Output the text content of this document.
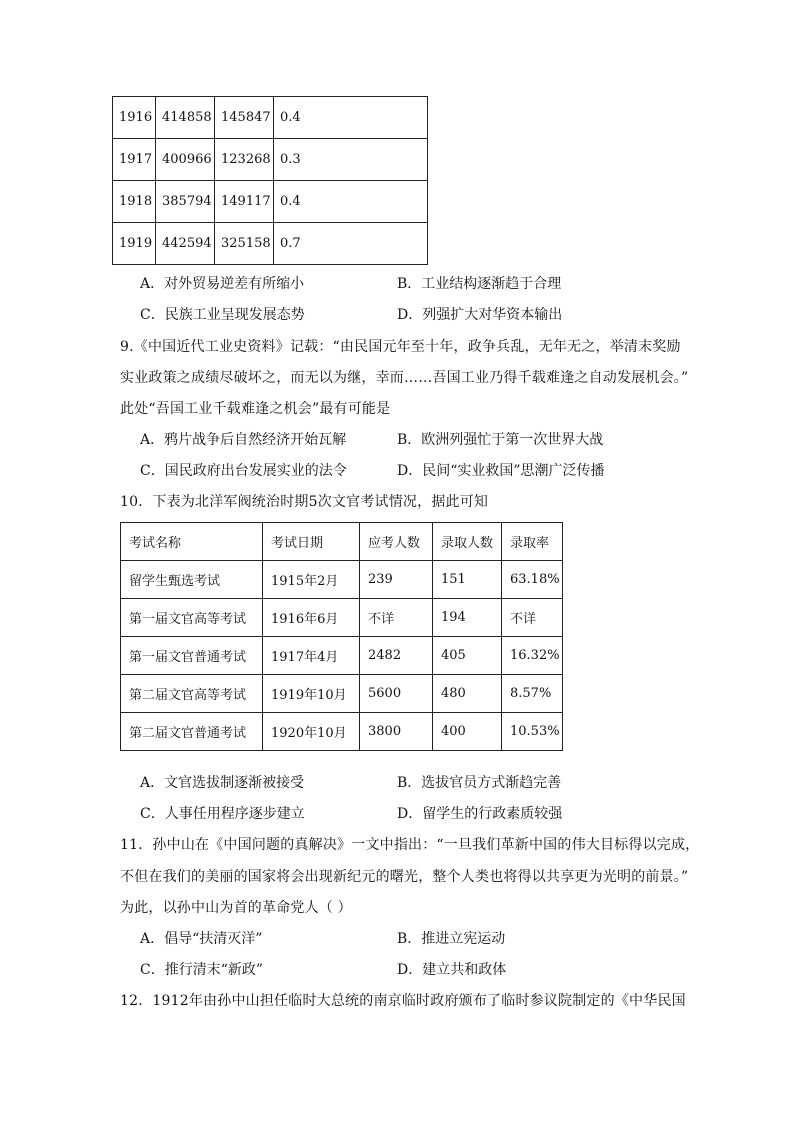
1916	414858	145847	0.4
1917	400966	123268	0.3
1918	385794	149117	0.4
1919	442594	325158	0.7
A．对外贸易逆差有所缩小	B．工业结构逐渐趋于合理
C．民族工业呈现发展态势	D．列强扩大对华资本输出
9.《中国近代工业史资料》记载：“由民国元年至十年，政争兵乱，无年无之，举清末奖励
实业政策之成绩尽破坏之，而无以为继，幸而……吾国工业乃得千载难逢之自动发展机会。”
此处“吾国工业千载难逢之机会”最有可能是
A．鸦片战争后自然经济开始瓦解	B．欧洲列强忙于第一次世界大战
C．国民政府出台发展实业的法令	D．民间“实业救国”思潮广泛传播
10．下表为北洋军阀统治时期5次文官考试情况，据此可知
考试名称	考试日期	应考人数	录取人数	录取率
留学生甄选考试	1915年2月	239	151	63.18%
第一届文官高等考试	1916年6月	不详	194	不详
第一届文官普通考试	1917年4月	2482	405	16.32%
第二届文官高等考试	1919年10月	5600	480	8.57%
第二届文官普通考试	1920年10月	3800	400	10.53%
A．文官选拔制逐渐被接受	B．选拔官员方式渐趋完善
C．人事任用程序逐步建立	D．留学生的行政素质较强
11．孙中山在《中国问题的真解决》一文中指出：“一旦我们革新中国的伟大目标得以完成，
不但在我们的美丽的国家将会出现新纪元的曙光，整个人类也将得以共享更为光明的前景。”
为此，以孙中山为首的革命党人（ ）
A．倡导“扶清灭洋”	B．推进立宪运动
C．推行清末“新政”	D．建立共和政体
12．1912年由孙中山担任临时大总统的南京临时政府颁布了临时参议院制定的《中华民国
